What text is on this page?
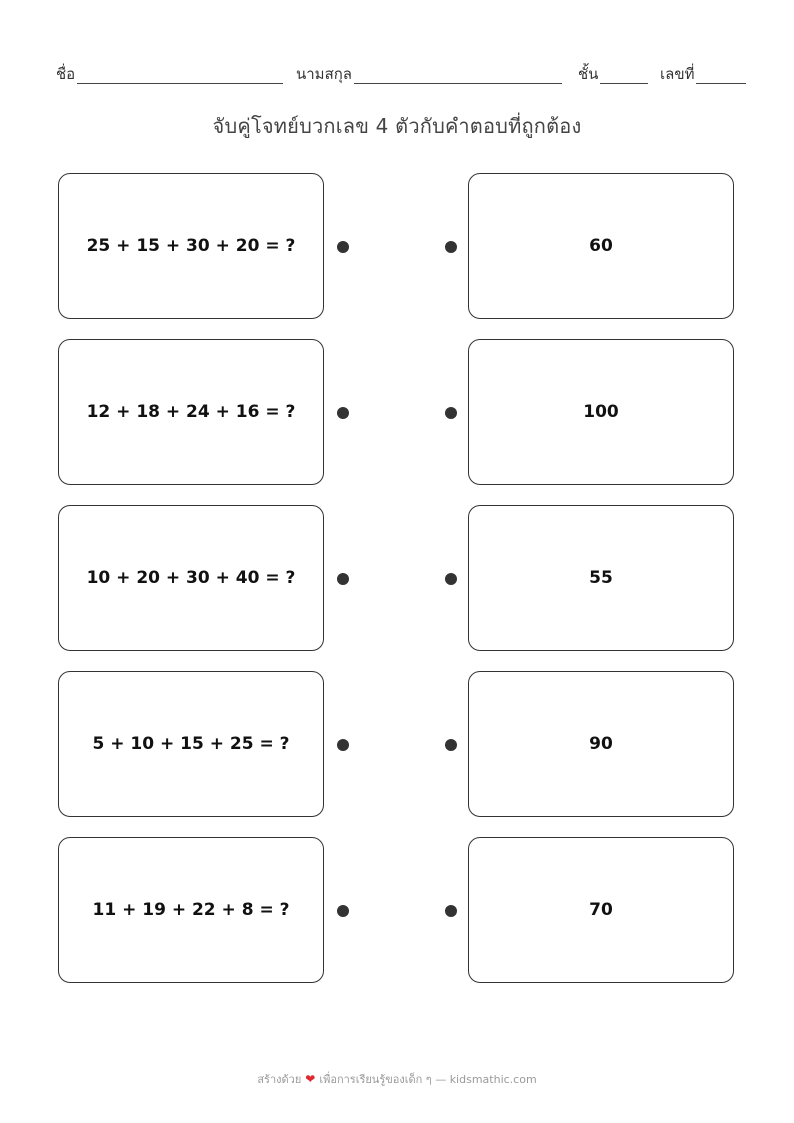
ชื่อ	นามสกุล	ชั้น	เลขที่
จับคู่โจทย์บวกเลข 4 ตัวกับคำตอบที่ถูกต้อง
25 + 15 + 30 + 20 = ?	60
12 + 18 + 24 + 16 = ?	100
10 + 20 + 30 + 40 = ?	55
5 + 10 + 15 + 25 = ?	90
11 + 19 + 22 + 8 = ?	70
สร้างด้วย ❤ เพื่อการเรียนรู้ของเด็ก ๆ — kidsmathic.com
